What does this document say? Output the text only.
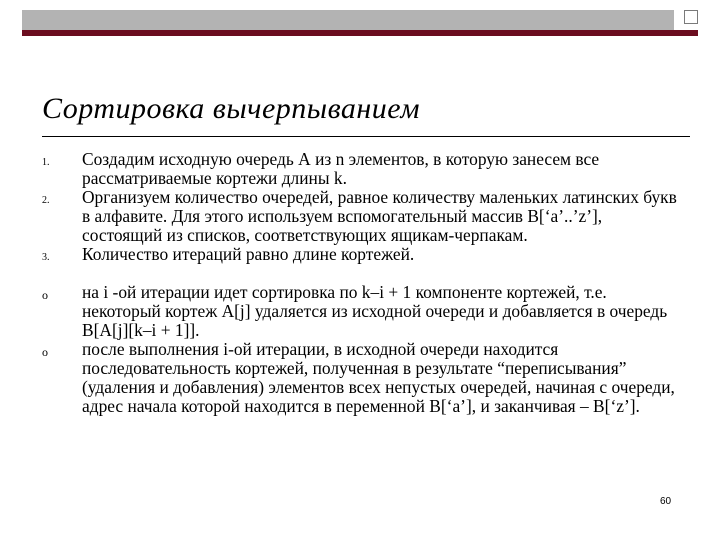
Сортировка вычерпыванием
1.	Создадим исходную очередь А из n элементов, в которую занесем все рассматриваемые кортежи длины k.
2.	Организуем количество очередей, равное количеству маленьких латинских букв в алфавите. Для этого используем вспомогательный массив B[‘a’..’z’], состоящий из списков, соответствующих ящикам-черпакам.
3.	Количество итераций равно длине кортежей.
o	на i -ой итерации идет сортировка по k–i + 1 компоненте кортежей, т.е. некоторый кортеж A[j] удаляется из исходной очереди и добавляется в очередь B[A[j][k–i + 1]].
o	после выполнения i-ой итерации, в исходной очереди находится последовательность кортежей, полученная в результате “переписывания” (удаления и добавления) элементов всех непустых очередей, начиная с очереди, адрес начала которой находится в переменной B[‘a’], и заканчивая – B[‘z’].
60
